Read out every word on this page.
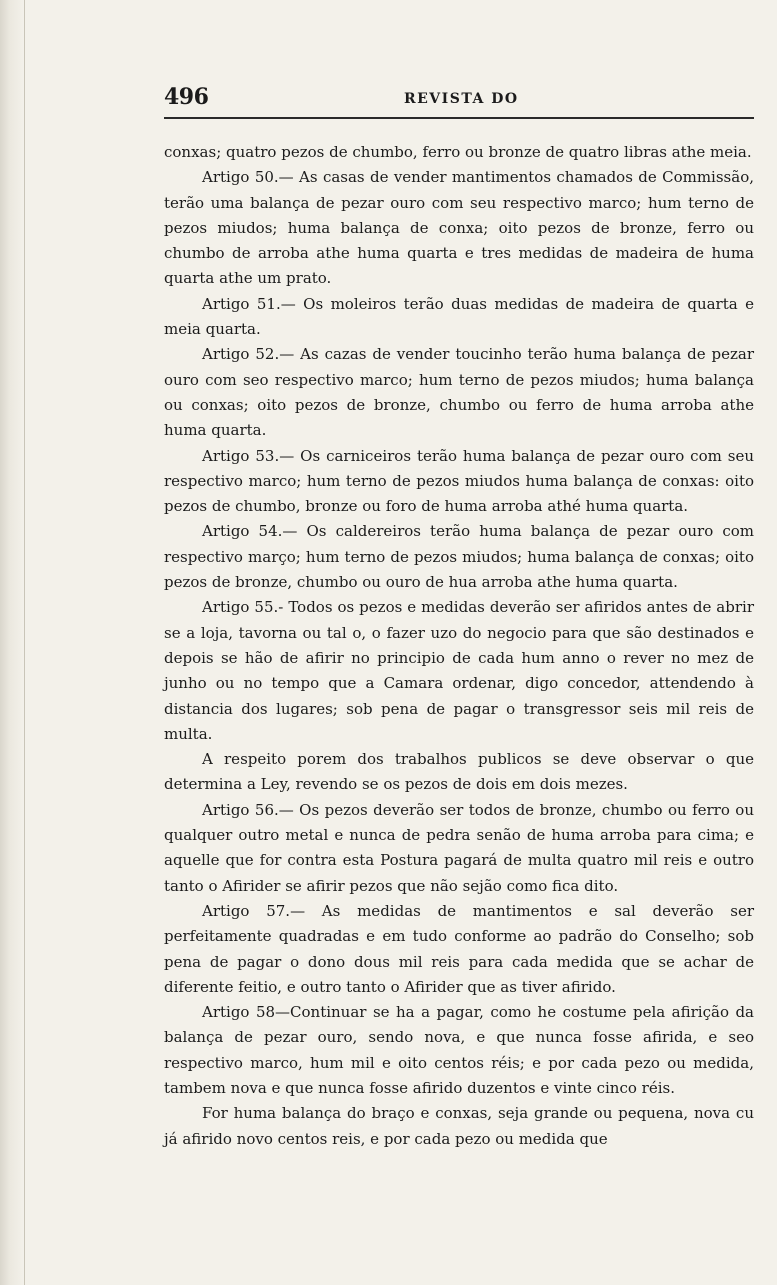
496	REVISTA DO

conxas; quatro pezos de chumbo, ferro ou bronze de quatro libras athe meia.

Artigo 50.— As casas de vender mantimentos chamados de Commissão, terão uma balança de pezar ouro com seu respectivo marco; hum terno de pezos miudos; huma balança de conxa; oito pezos de bronze, ferro ou chumbo de arroba athe huma quarta e tres medidas de madeira de huma quarta athe um prato.

Artigo 51.— Os moleiros terão duas medidas de madeira de quarta e meia quarta.

Artigo 52.— As cazas de vender toucinho terão huma balança de pezar ouro com seo respectivo marco; hum terno de pezos miudos; huma balança ou conxas; oito pezos de bronze, chumbo ou ferro de huma arroba athe huma quarta.

Artigo 53.— Os carniceiros terão huma balança de pezar ouro com seu respectivo marco; hum terno de pezos miudos huma balança de conxas: oito pezos de chumbo, bronze ou foro de huma arroba athé huma quarta.

Artigo 54.— Os caldereiros terão huma balança de pezar ouro com respectivo março; hum terno de pezos miudos; huma balança de conxas; oito pezos de bronze, chumbo ou ouro de hua arroba athe huma quarta.

Artigo 55.- Todos os pezos e medidas deverão ser afiridos antes de abrir se a loja, tavorna ou tal o, o fazer uzo do negocio para que são destinados e depois se hão de afirir no principio de cada hum anno o rever no mez de junho ou no tempo que a Camara ordenar, digo concedor, attendendo à distancia dos lugares; sob pena de pagar o transgressor seis mil reis de multa.

A respeito porem dos trabalhos publicos se deve observar o que determina a Ley, revendo se os pezos de dois em dois mezes.

Artigo 56.— Os pezos deverão ser todos de bronze, chumbo ou ferro ou qualquer outro metal e nunca de pedra senão de huma arroba para cima; e aquelle que for contra esta Postura pagará de multa quatro mil reis e outro tanto o Afirider se afirir pezos que não sejão como fica dito.

Artigo 57.— As medidas de mantimentos e sal deverão ser perfeitamente quadradas e em tudo conforme ao padrão do Conselho; sob pena de pagar o dono dous mil reis para cada medida que se achar de diferente feitio, e outro tanto o Afirider que as tiver afirido.

Artigo 58—Continuar se ha a pagar, como he costume pela afirição da balança de pezar ouro, sendo nova, e que nunca fosse afirida, e seo respectivo marco, hum mil e oito centos réis; e por cada pezo ou medida, tambem nova e que nunca fosse afirido duzentos e vinte cinco réis.

For huma balança do braço e conxas, seja grande ou pequena, nova cu já afirido novo centos reis, e por cada pezo ou medida que
